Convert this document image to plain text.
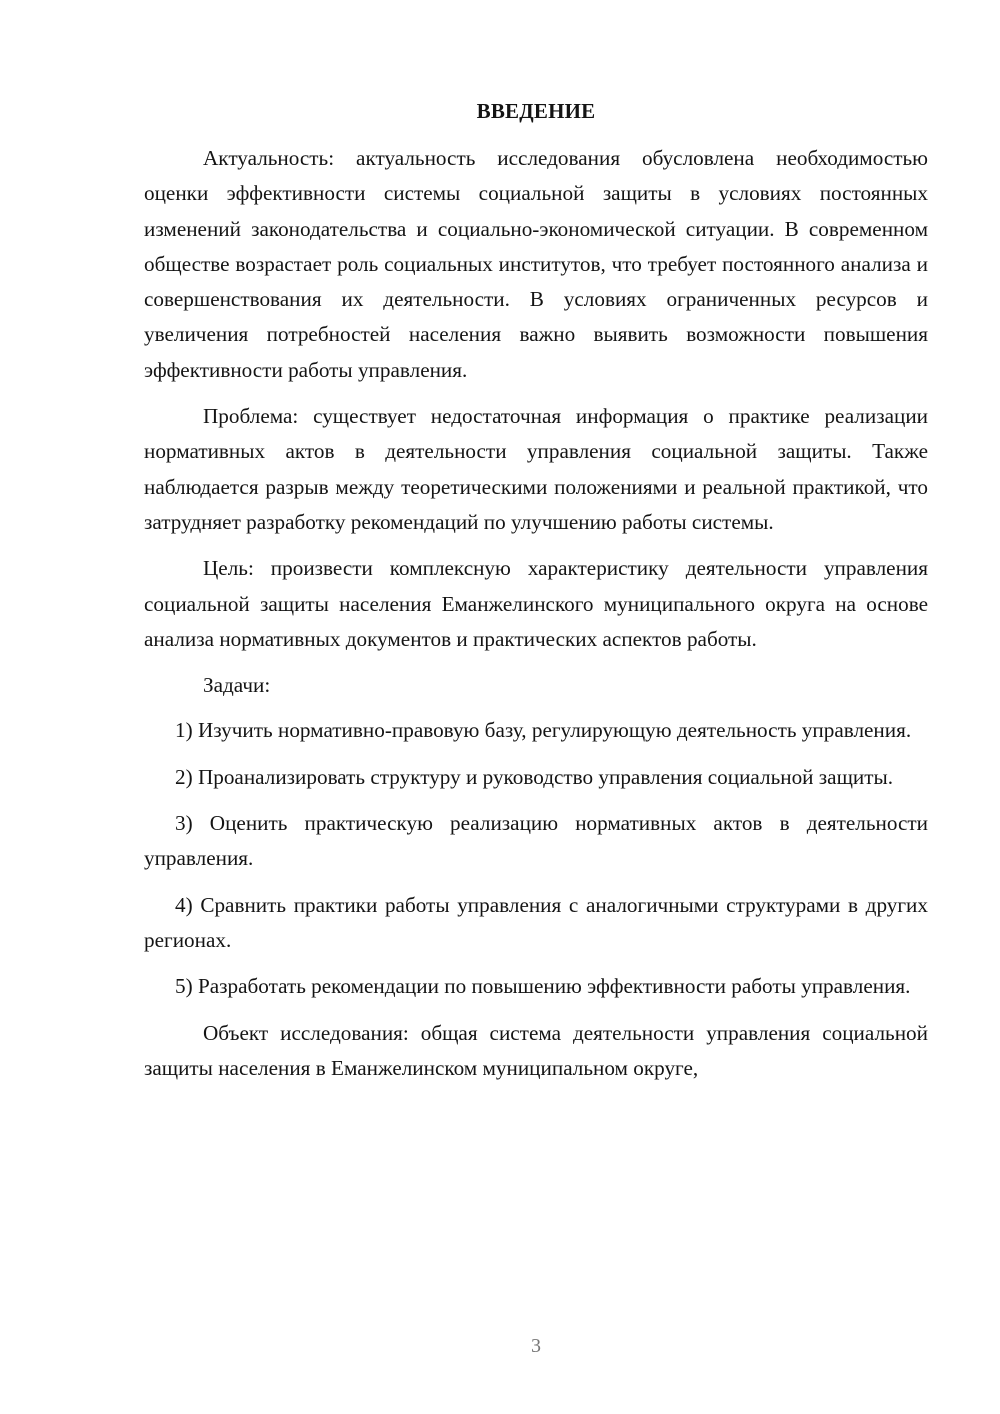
ВВЕДЕНИЕ

Актуальность: актуальность исследования обусловлена необходимостью оценки эффективности системы социальной защиты в условиях постоянных изменений законодательства и социально-экономической ситуации. В современном обществе возрастает роль социальных институтов, что требует постоянного анализа и совершенствования их деятельности. В условиях ограниченных ресурсов и увеличения потребностей населения важно выявить возможности повышения эффективности работы управления.

Проблема: существует недостаточная информация о практике реализации нормативных актов в деятельности управления социальной защиты. Также наблюдается разрыв между теоретическими положениями и реальной практикой, что затрудняет разработку рекомендаций по улучшению работы системы.

Цель: произвести комплексную характеристику деятельности управления социальной защиты населения Еманжелинского муниципального округа на основе анализа нормативных документов и практических аспектов работы.

Задачи:

1) Изучить нормативно-правовую базу, регулирующую деятельность управления.

2) Проанализировать структуру и руководство управления социальной защиты.

3) Оценить практическую реализацию нормативных актов в деятельности управления.

4) Сравнить практики работы управления с аналогичными структурами в других регионах.

5) Разработать рекомендации по повышению эффективности работы управления.

Объект исследования: общая система деятельности управления социальной защиты населения в Еманжелинском муниципальном округе,

3
